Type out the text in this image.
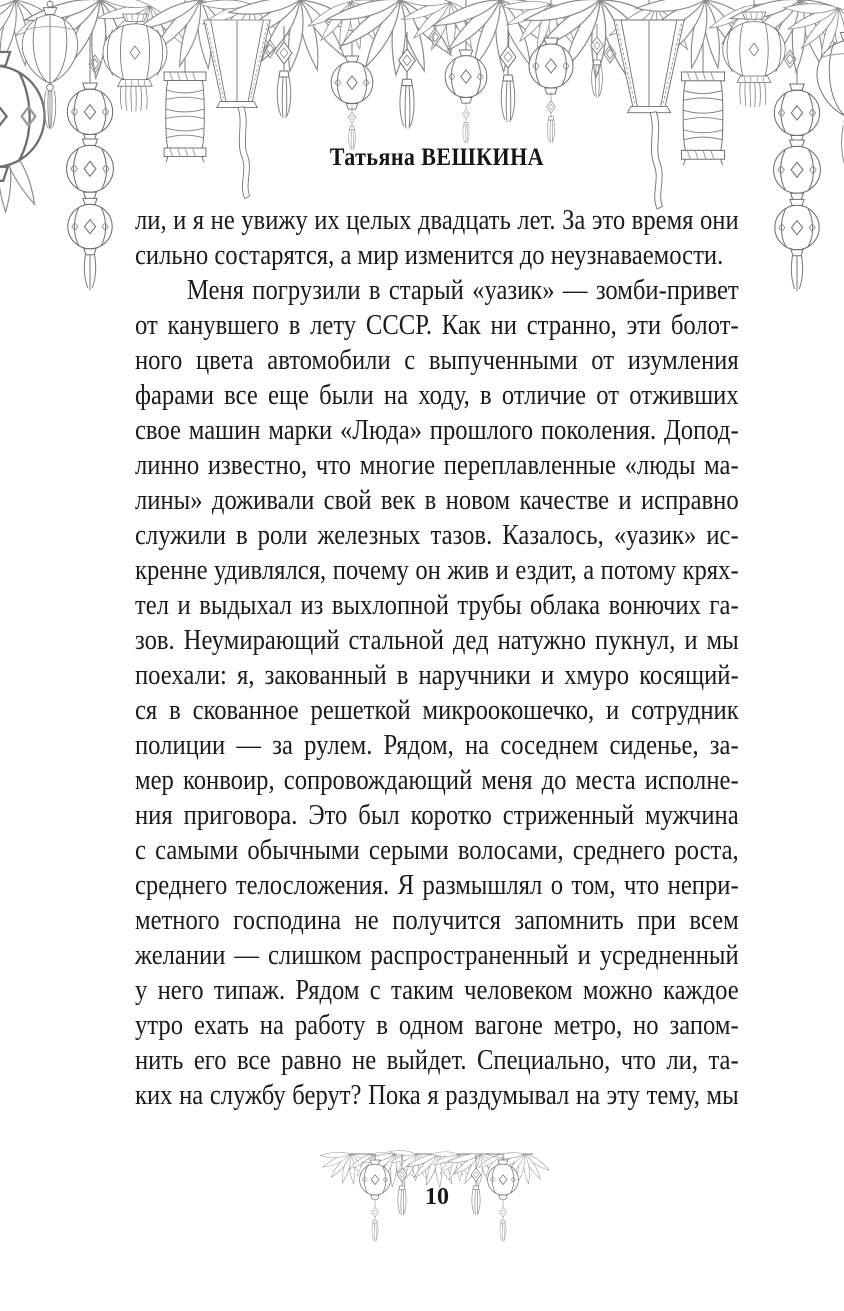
Татьяна ВЕШКИНА
ли, и я не увижу их целых двадцать лет. За это время они
сильно состарятся, а мир изменится до неузнаваемости.
Меня погрузили в старый «уазик» — зомби-привет
от канувшего в лету СССР. Как ни странно, эти болот-
ного цвета автомобили с выпученными от изумления
фарами все еще были на ходу, в отличие от отживших
свое машин марки «Люда» прошлого поколения. Допод-
линно известно, что многие переплавленные «люды ма-
лины» доживали свой век в новом качестве и исправно
служили в роли железных тазов. Казалось, «уазик» ис-
кренне удивлялся, почему он жив и ездит, а потому крях-
тел и выдыхал из выхлопной трубы облака вонючих га-
зов. Неумирающий стальной дед натужно пукнул, и мы
поехали: я, закованный в наручники и хмуро косящий-
ся в скованное решеткой микроокошечко, и сотрудник
полиции — за рулем. Рядом, на соседнем сиденье, за-
мер конвоир, сопровождающий меня до места исполне-
ния приговора. Это был коротко стриженный мужчина
с самыми обычными серыми волосами, среднего роста,
среднего телосложения. Я размышлял о том, что непри-
метного господина не получится запомнить при всем
желании — слишком распространенный и усредненный
у него типаж. Рядом с таким человеком можно каждое
утро ехать на работу в одном вагоне метро, но запом-
нить его все равно не выйдет. Специально, что ли, та-
ких на службу берут? Пока я раздумывал на эту тему, мы
10
